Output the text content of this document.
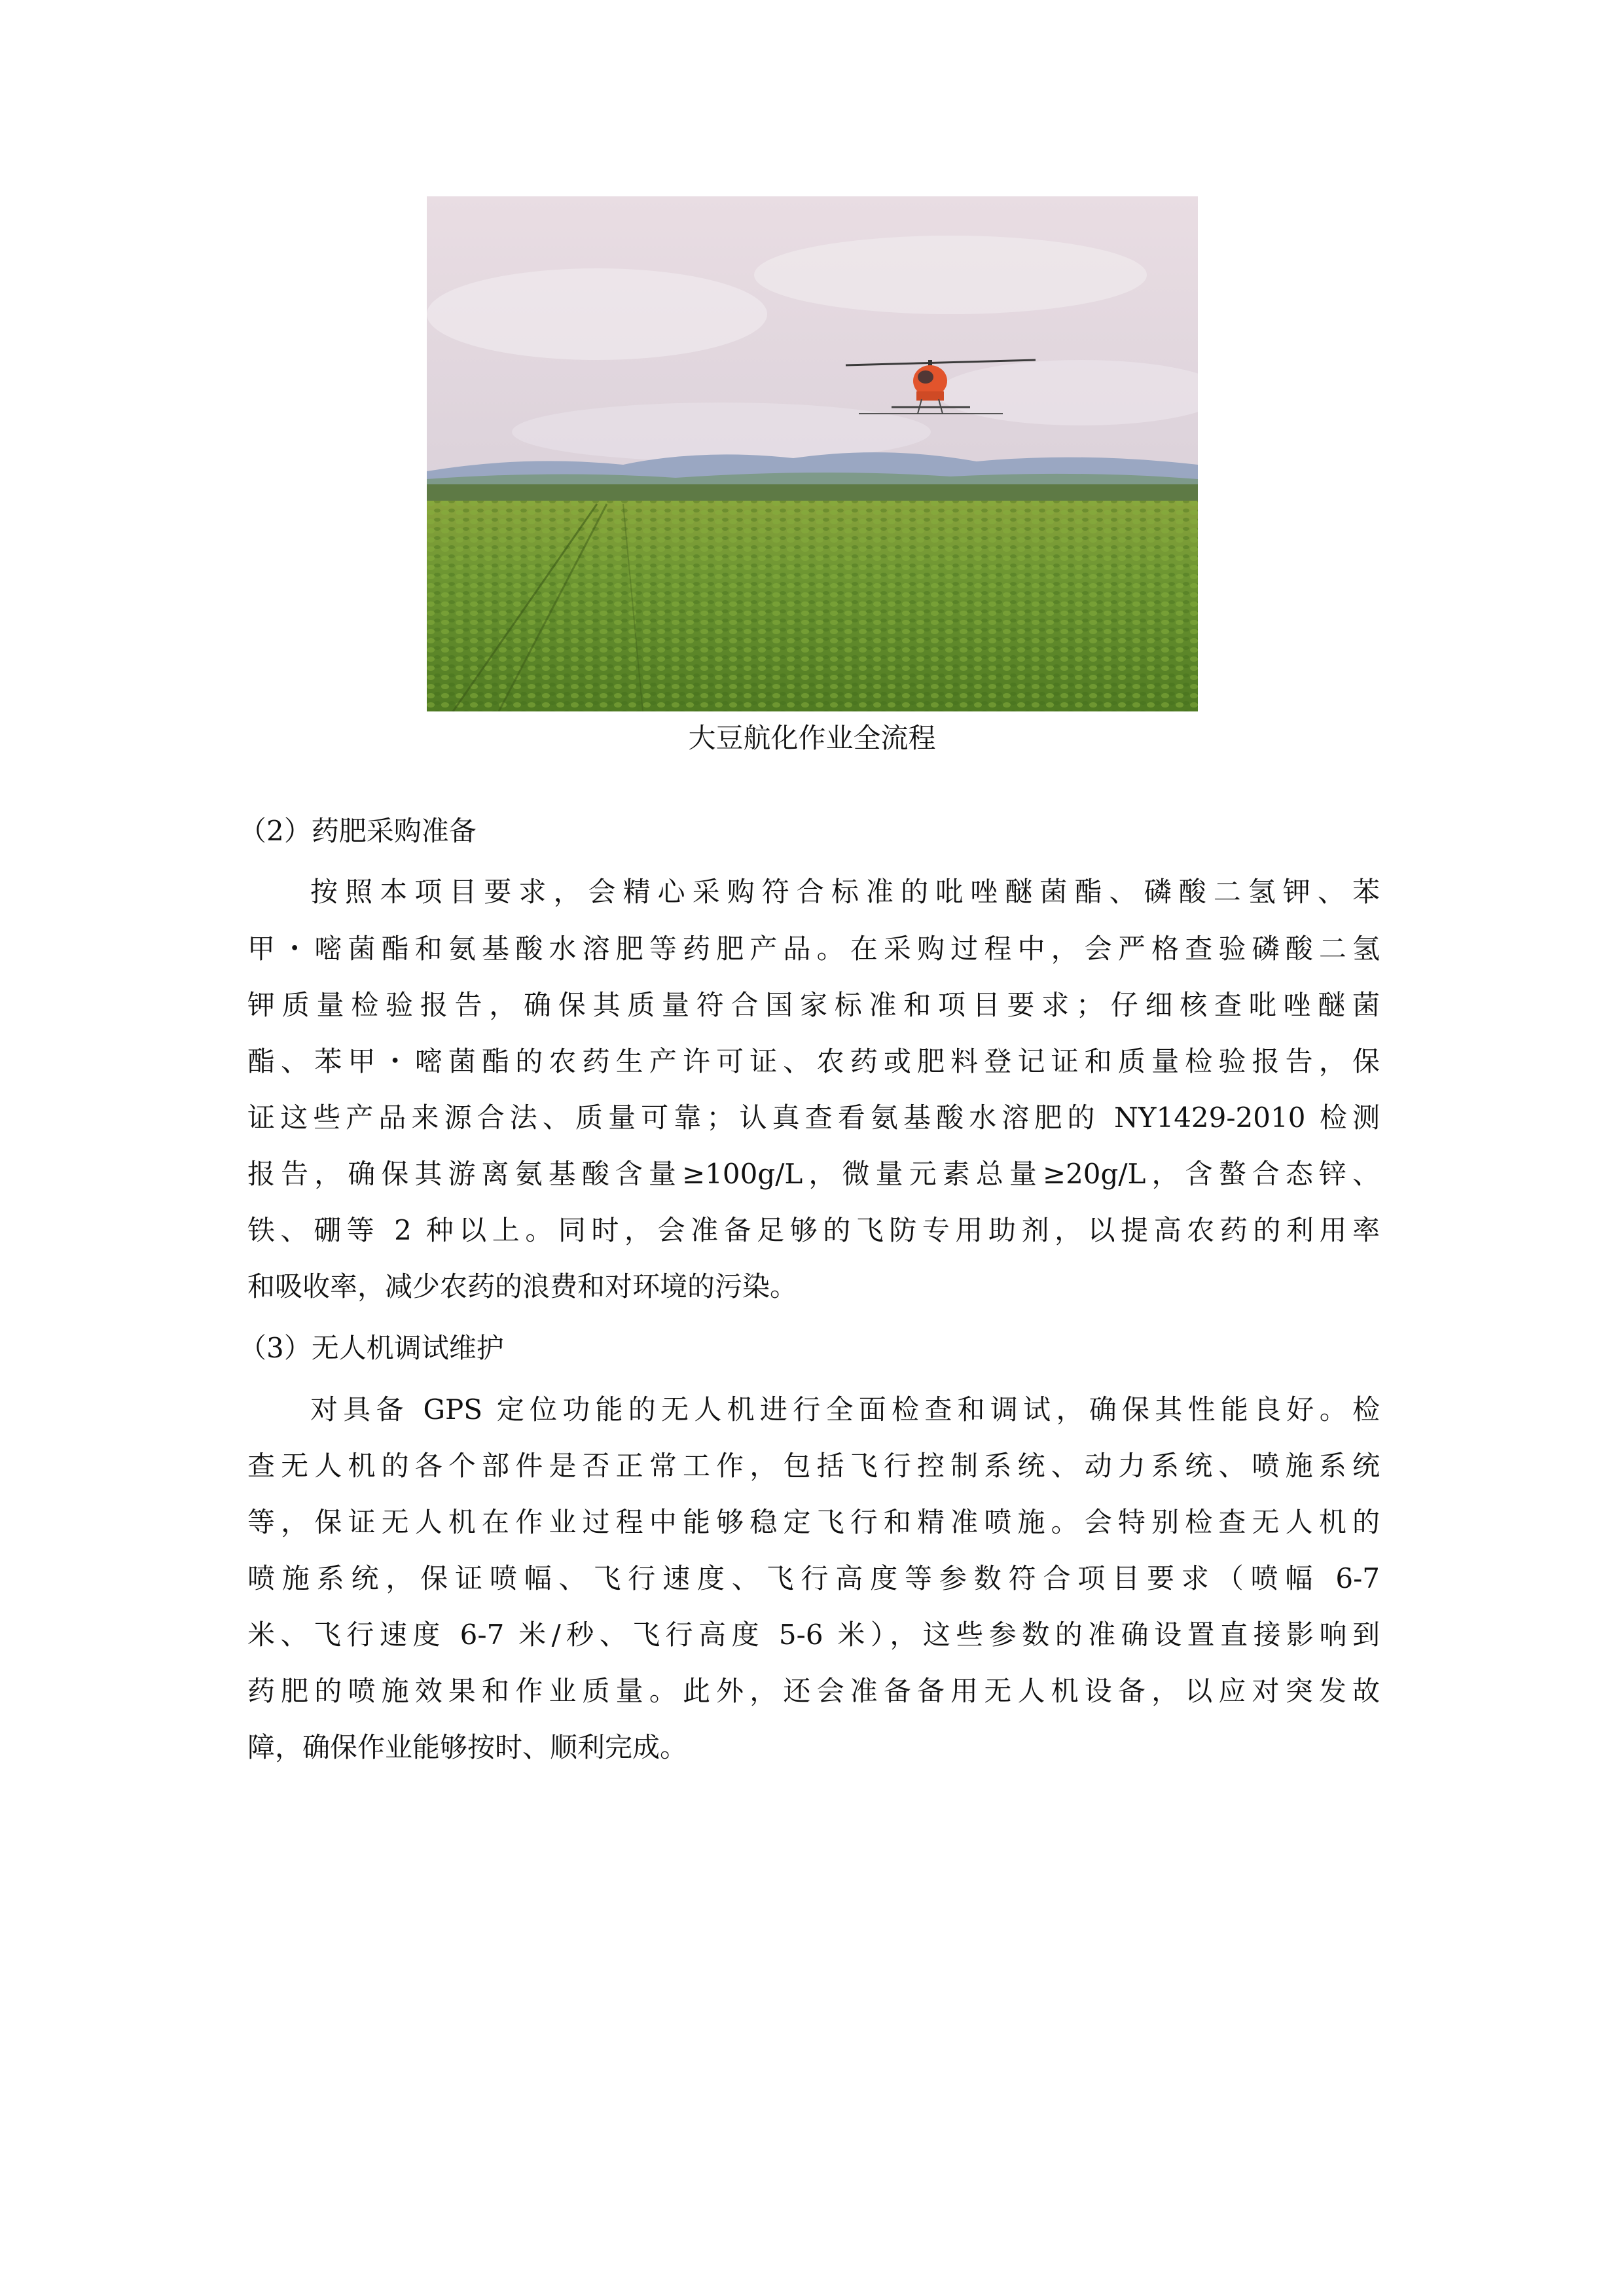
大豆航化作业全流程
（2）药肥采购准备
按照本项目要求，会精心采购符合标准的吡唑醚菌酯、磷酸二氢钾、苯
甲・嘧菌酯和氨基酸水溶肥等药肥产品。在采购过程中，会严格查验磷酸二氢
钾质量检验报告，确保其质量符合国家标准和项目要求；仔细核查吡唑醚菌
酯、苯甲・嘧菌酯的农药生产许可证、农药或肥料登记证和质量检验报告，保
证这些产品来源合法、质量可靠；认真查看氨基酸水溶肥的 NY1429-2010 检测
报告，确保其游离氨基酸含量≥100g/L，微量元素总量≥20g/L，含螯合态锌、
铁、硼等 2 种以上。同时，会准备足够的飞防专用助剂，以提高农药的利用率
和吸收率，减少农药的浪费和对环境的污染。
（3）无人机调试维护
对具备 GPS 定位功能的无人机进行全面检查和调试，确保其性能良好。检
查无人机的各个部件是否正常工作，包括飞行控制系统、动力系统、喷施系统
等，保证无人机在作业过程中能够稳定飞行和精准喷施。会特别检查无人机的
喷施系统，保证喷幅、飞行速度、飞行高度等参数符合项目要求（喷幅 6-7
米、飞行速度 6-7 米/秒、飞行高度 5-6 米），这些参数的准确设置直接影响到
药肥的喷施效果和作业质量。此外，还会准备备用无人机设备，以应对突发故
障，确保作业能够按时、顺利完成。
